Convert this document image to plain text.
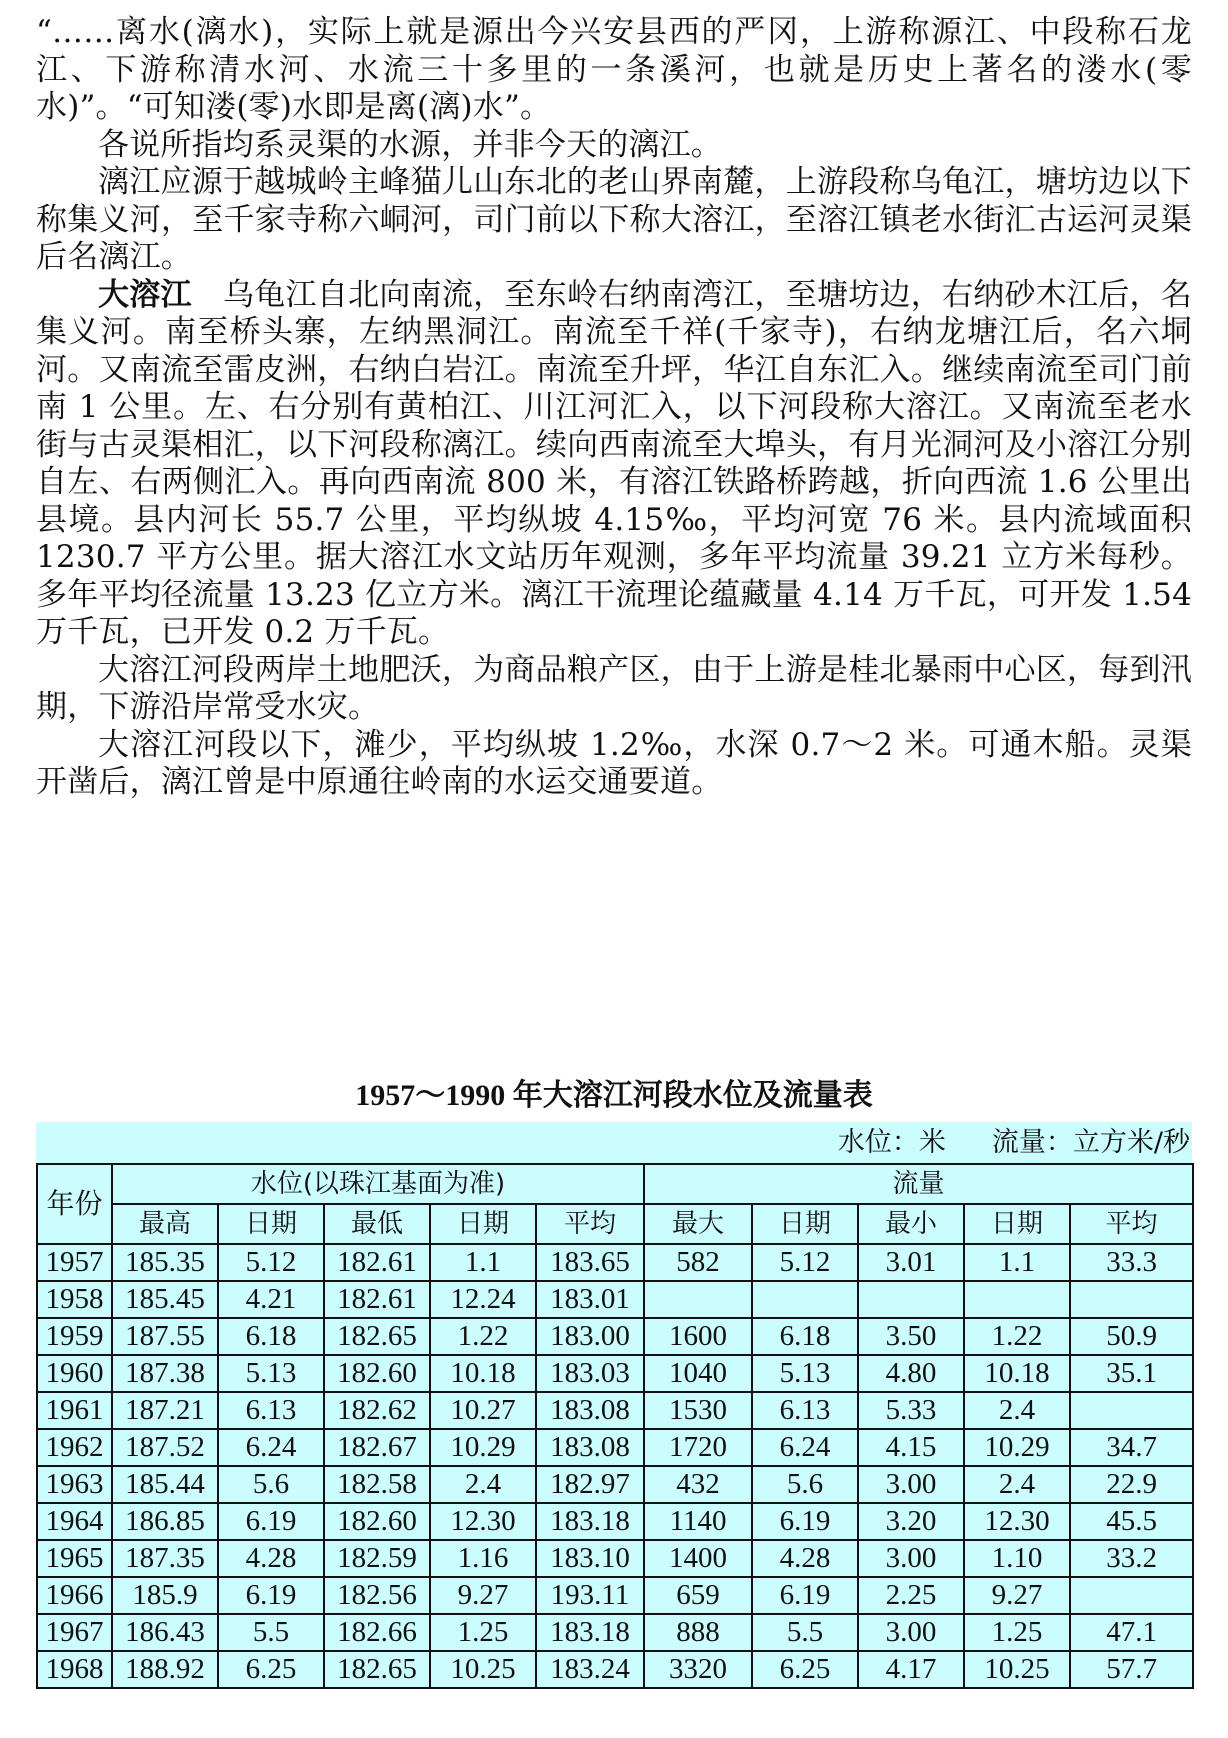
“……离水(漓水)，实际上就是源出今兴安县西的严冈，上游称源江、中段称石龙江、下游称清水河、水流三十多里的一条溪河，也就是历史上著名的溇水(零水)”。“可知溇(零)水即是离(漓)水”。

各说所指均系灵渠的水源，并非今天的漓江。

漓江应源于越城岭主峰猫儿山东北的老山界南麓，上游段称乌龟江，塘坊边以下称集义河，至千家寺称六峒河，司门前以下称大溶江，至溶江镇老水街汇古运河灵渠后名漓江。

大溶江　乌龟江自北向南流，至东岭右纳南湾江，至塘坊边，右纳砂木江后，名集义河。南至桥头寨，左纳黑洞江。南流至千祥(千家寺)，右纳龙塘江后，名六垌河。又南流至雷皮洲，右纳白岩江。南流至升坪，华江自东汇入。继续南流至司门前南 1 公里。左、右分别有黄柏江、川江河汇入，以下河段称大溶江。又南流至老水街与古灵渠相汇，以下河段称漓江。续向西南流至大埠头，有月光洞河及小溶江分别自左、右两侧汇入。再向西南流 800 米，有溶江铁路桥跨越，折向西流 1.6 公里出县境。县内河长 55.7 公里，平均纵坡 4.15‰，平均河宽 76 米。县内流域面积 1230.7 平方公里。据大溶江水文站历年观测，多年平均流量 39.21 立方米每秒。多年平均径流量 13.23 亿立方米。漓江干流理论蕴藏量 4.14 万千瓦，可开发 1.54 万千瓦，已开发 0.2 万千瓦。

大溶江河段两岸土地肥沃，为商品粮产区，由于上游是桂北暴雨中心区，每到汛期，下游沿岸常受水灾。

大溶江河段以下，滩少，平均纵坡 1.2‰，水深 0.7～2 米。可通木船。灵渠开凿后，漓江曾是中原通往岭南的水运交通要道。

1957～1990 年大溶江河段水位及流量表
水位：米 流量：立方米/秒
年份	水位(以珠江基面为准)					流量				
	最高	日期	最低	日期	平均	最大	日期	最小	日期	平均
1957	185.35	5.12	182.61	1.1	183.65	582	5.12	3.01	1.1	33.3
1958	185.45	4.21	182.61	12.24	183.01					
1959	187.55	6.18	182.65	1.22	183.00	1600	6.18	3.50	1.22	50.9
1960	187.38	5.13	182.60	10.18	183.03	1040	5.13	4.80	10.18	35.1
1961	187.21	6.13	182.62	10.27	183.08	1530	6.13	5.33	2.4	
1962	187.52	6.24	182.67	10.29	183.08	1720	6.24	4.15	10.29	34.7
1963	185.44	5.6	182.58	2.4	182.97	432	5.6	3.00	2.4	22.9
1964	186.85	6.19	182.60	12.30	183.18	1140	6.19	3.20	12.30	45.5
1965	187.35	4.28	182.59	1.16	183.10	1400	4.28	3.00	1.10	33.2
1966	185.9	6.19	182.56	9.27	193.11	659	6.19	2.25	9.27	
1967	186.43	5.5	182.66	1.25	183.18	888	5.5	3.00	1.25	47.1
1968	188.92	6.25	182.65	10.25	183.24	3320	6.25	4.17	10.25	57.7
